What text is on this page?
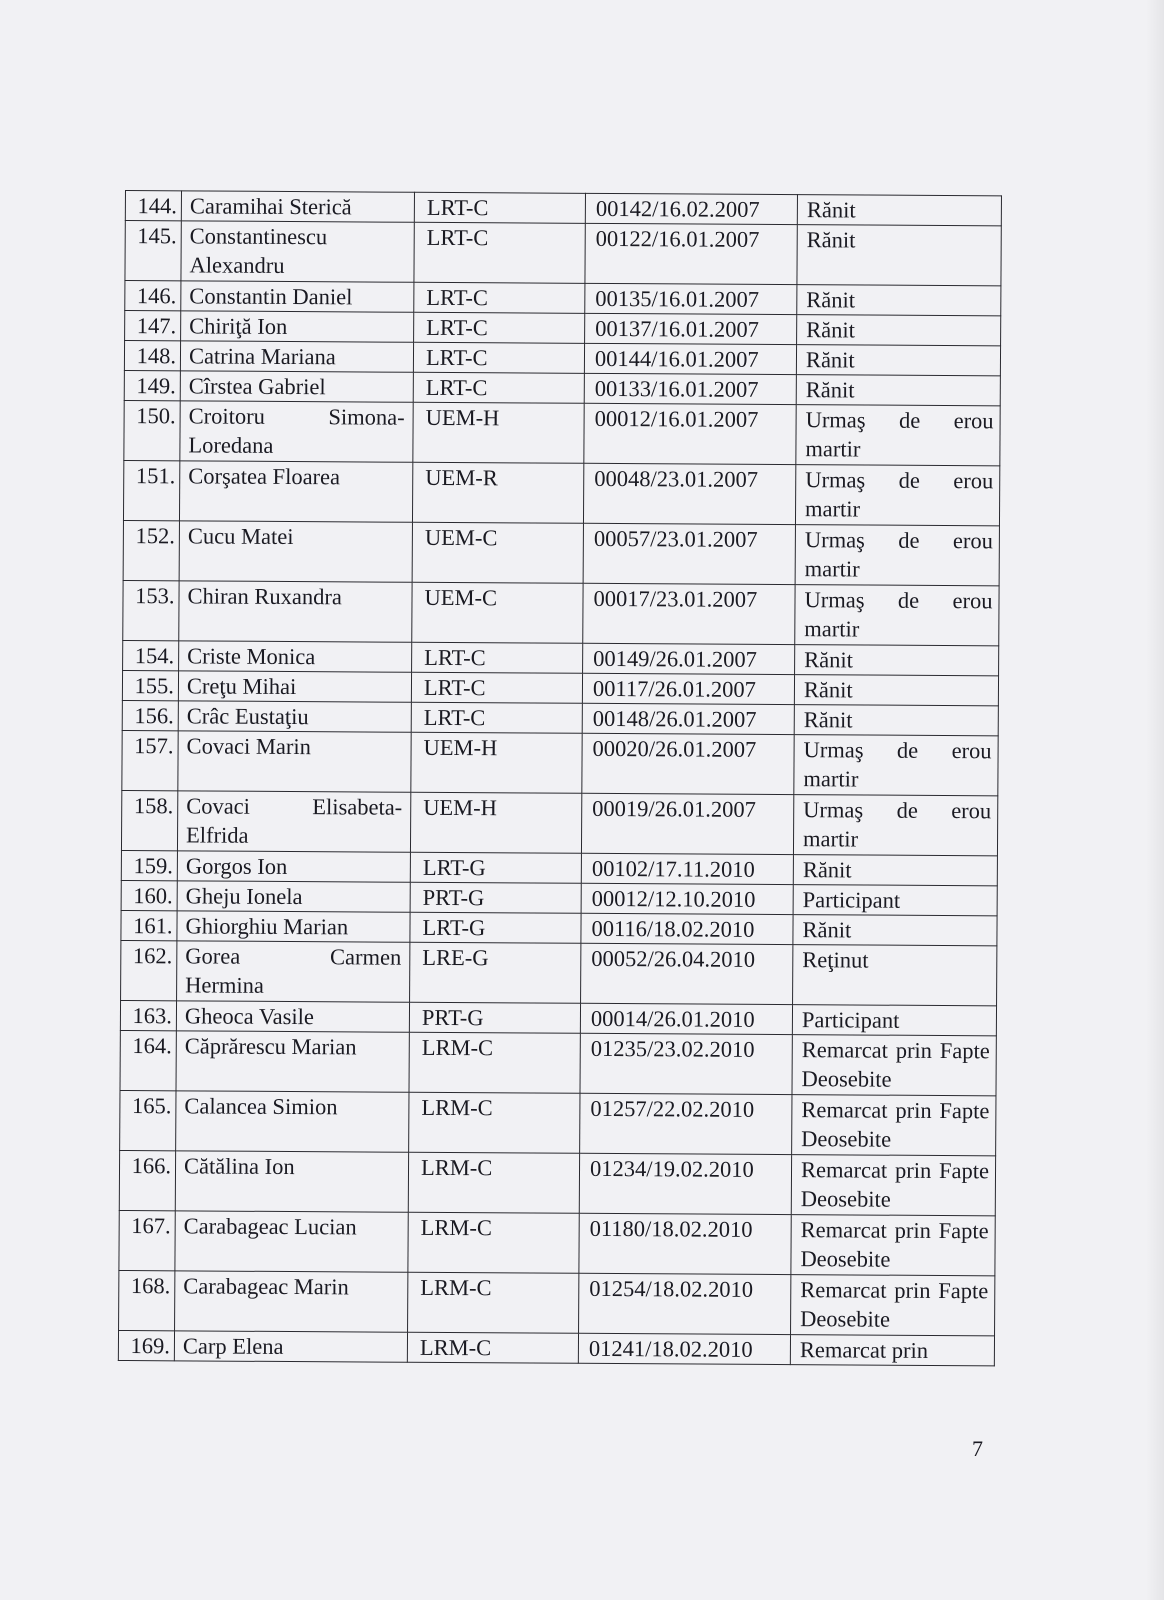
144.	Caramihai Sterică	LRT-C	00142/16.02.2007	Rănit
145.	Constantinescu Alexandru	LRT-C	00122/16.01.2007	Rănit
146.	Constantin Daniel	LRT-C	00135/16.01.2007	Rănit
147.	Chiriţă Ion	LRT-C	00137/16.01.2007	Rănit
148.	Catrina Mariana	LRT-C	00144/16.01.2007	Rănit
149.	Cîrstea Gabriel	LRT-C	00133/16.01.2007	Rănit
150.	Croitoru Simona-Loredana	UEM-H	00012/16.01.2007	Urmaş de erou martir
151.	Corşatea Floarea	UEM-R	00048/23.01.2007	Urmaş de erou martir
152.	Cucu Matei	UEM-C	00057/23.01.2007	Urmaş de erou martir
153.	Chiran Ruxandra	UEM-C	00017/23.01.2007	Urmaş de erou martir
154.	Criste Monica	LRT-C	00149/26.01.2007	Rănit
155.	Creţu Mihai	LRT-C	00117/26.01.2007	Rănit
156.	Crâc Eustaţiu	LRT-C	00148/26.01.2007	Rănit
157.	Covaci Marin	UEM-H	00020/26.01.2007	Urmaş de erou martir
158.	Covaci Elisabeta-Elfrida	UEM-H	00019/26.01.2007	Urmaş de erou martir
159.	Gorgos Ion	LRT-G	00102/17.11.2010	Rănit
160.	Gheju Ionela	PRT-G	00012/12.10.2010	Participant
161.	Ghiorghiu Marian	LRT-G	00116/18.02.2010	Rănit
162.	Gorea Carmen Hermina	LRE-G	00052/26.04.2010	Reţinut
163.	Gheoca Vasile	PRT-G	00014/26.01.2010	Participant
164.	Căprărescu Marian	LRM-C	01235/23.02.2010	Remarcat prin Fapte Deosebite
165.	Calancea Simion	LRM-C	01257/22.02.2010	Remarcat prin Fapte Deosebite
166.	Cătălina Ion	LRM-C	01234/19.02.2010	Remarcat prin Fapte Deosebite
167.	Carabageac Lucian	LRM-C	01180/18.02.2010	Remarcat prin Fapte Deosebite
168.	Carabageac Marin	LRM-C	01254/18.02.2010	Remarcat prin Fapte Deosebite
169.	Carp Elena	LRM-C	01241/18.02.2010	Remarcat prin
7
